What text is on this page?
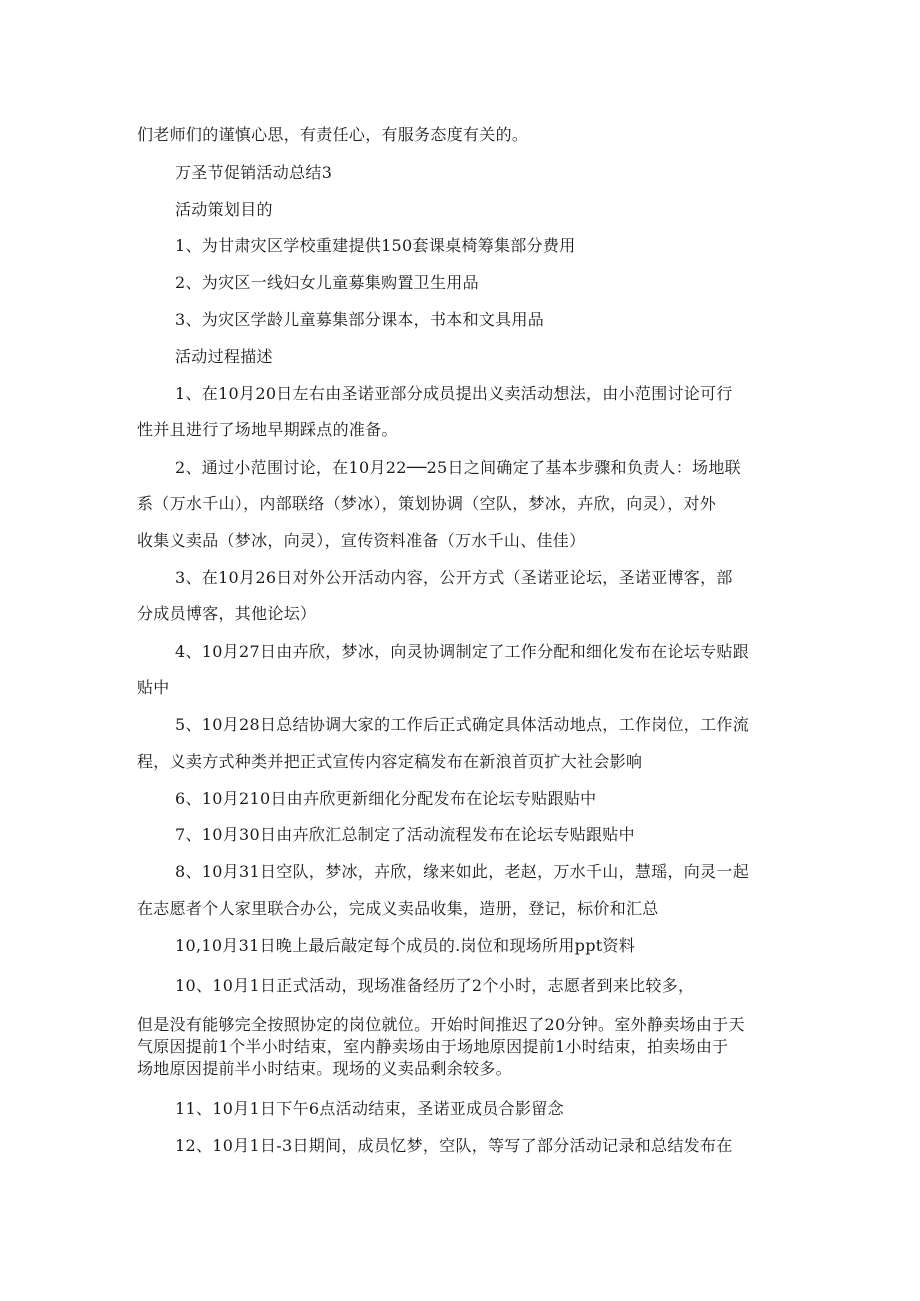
们老师们的谨慎心思，有责任心，有服务态度有关的。
万圣节促销活动总结3
活动策划目的
1、为甘肃灾区学校重建提供150套课桌椅筹集部分费用
2、为灾区一线妇女儿童募集购置卫生用品
3、为灾区学龄儿童募集部分课本，书本和文具用品
活动过程描述
1、在10月20日左右由圣诺亚部分成员提出义卖活动想法，由小范围讨论可行
性并且进行了场地早期踩点的准备。
2、通过小范围讨论，在10月22──25日之间确定了基本步骤和负责人：场地联
系（万水千山），内部联络（梦冰），策划协调（空队，梦冰，卉欣，向灵），对外
收集义卖品（梦冰，向灵），宣传资料准备（万水千山、佳佳）
3、在10月26日对外公开活动内容，公开方式（圣诺亚论坛，圣诺亚博客，部
分成员博客，其他论坛）
4、10月27日由卉欣，梦冰，向灵协调制定了工作分配和细化发布在论坛专贴跟
贴中
5、10月28日总结协调大家的工作后正式确定具体活动地点，工作岗位，工作流
程，义卖方式种类并把正式宣传内容定稿发布在新浪首页扩大社会影响
6、10月210日由卉欣更新细化分配发布在论坛专贴跟贴中
7、10月30日由卉欣汇总制定了活动流程发布在论坛专贴跟贴中
8、10月31日空队，梦冰，卉欣，缘来如此，老赵，万水千山，慧瑶，向灵一起
在志愿者个人家里联合办公，完成义卖品收集，造册，登记，标价和汇总
10,10月31日晚上最后敲定每个成员的.岗位和现场所用ppt资料
10、10月1日正式活动，现场准备经历了2个小时，志愿者到来比较多，
但是没有能够完全按照协定的岗位就位。开始时间推迟了20分钟。室外静卖场由于天
气原因提前1个半小时结束，室内静卖场由于场地原因提前1小时结束，拍卖场由于
场地原因提前半小时结束。现场的义卖品剩余较多。
11、10月1日下午6点活动结束，圣诺亚成员合影留念
12、10月1日-3日期间，成员忆梦，空队，等写了部分活动记录和总结发布在
